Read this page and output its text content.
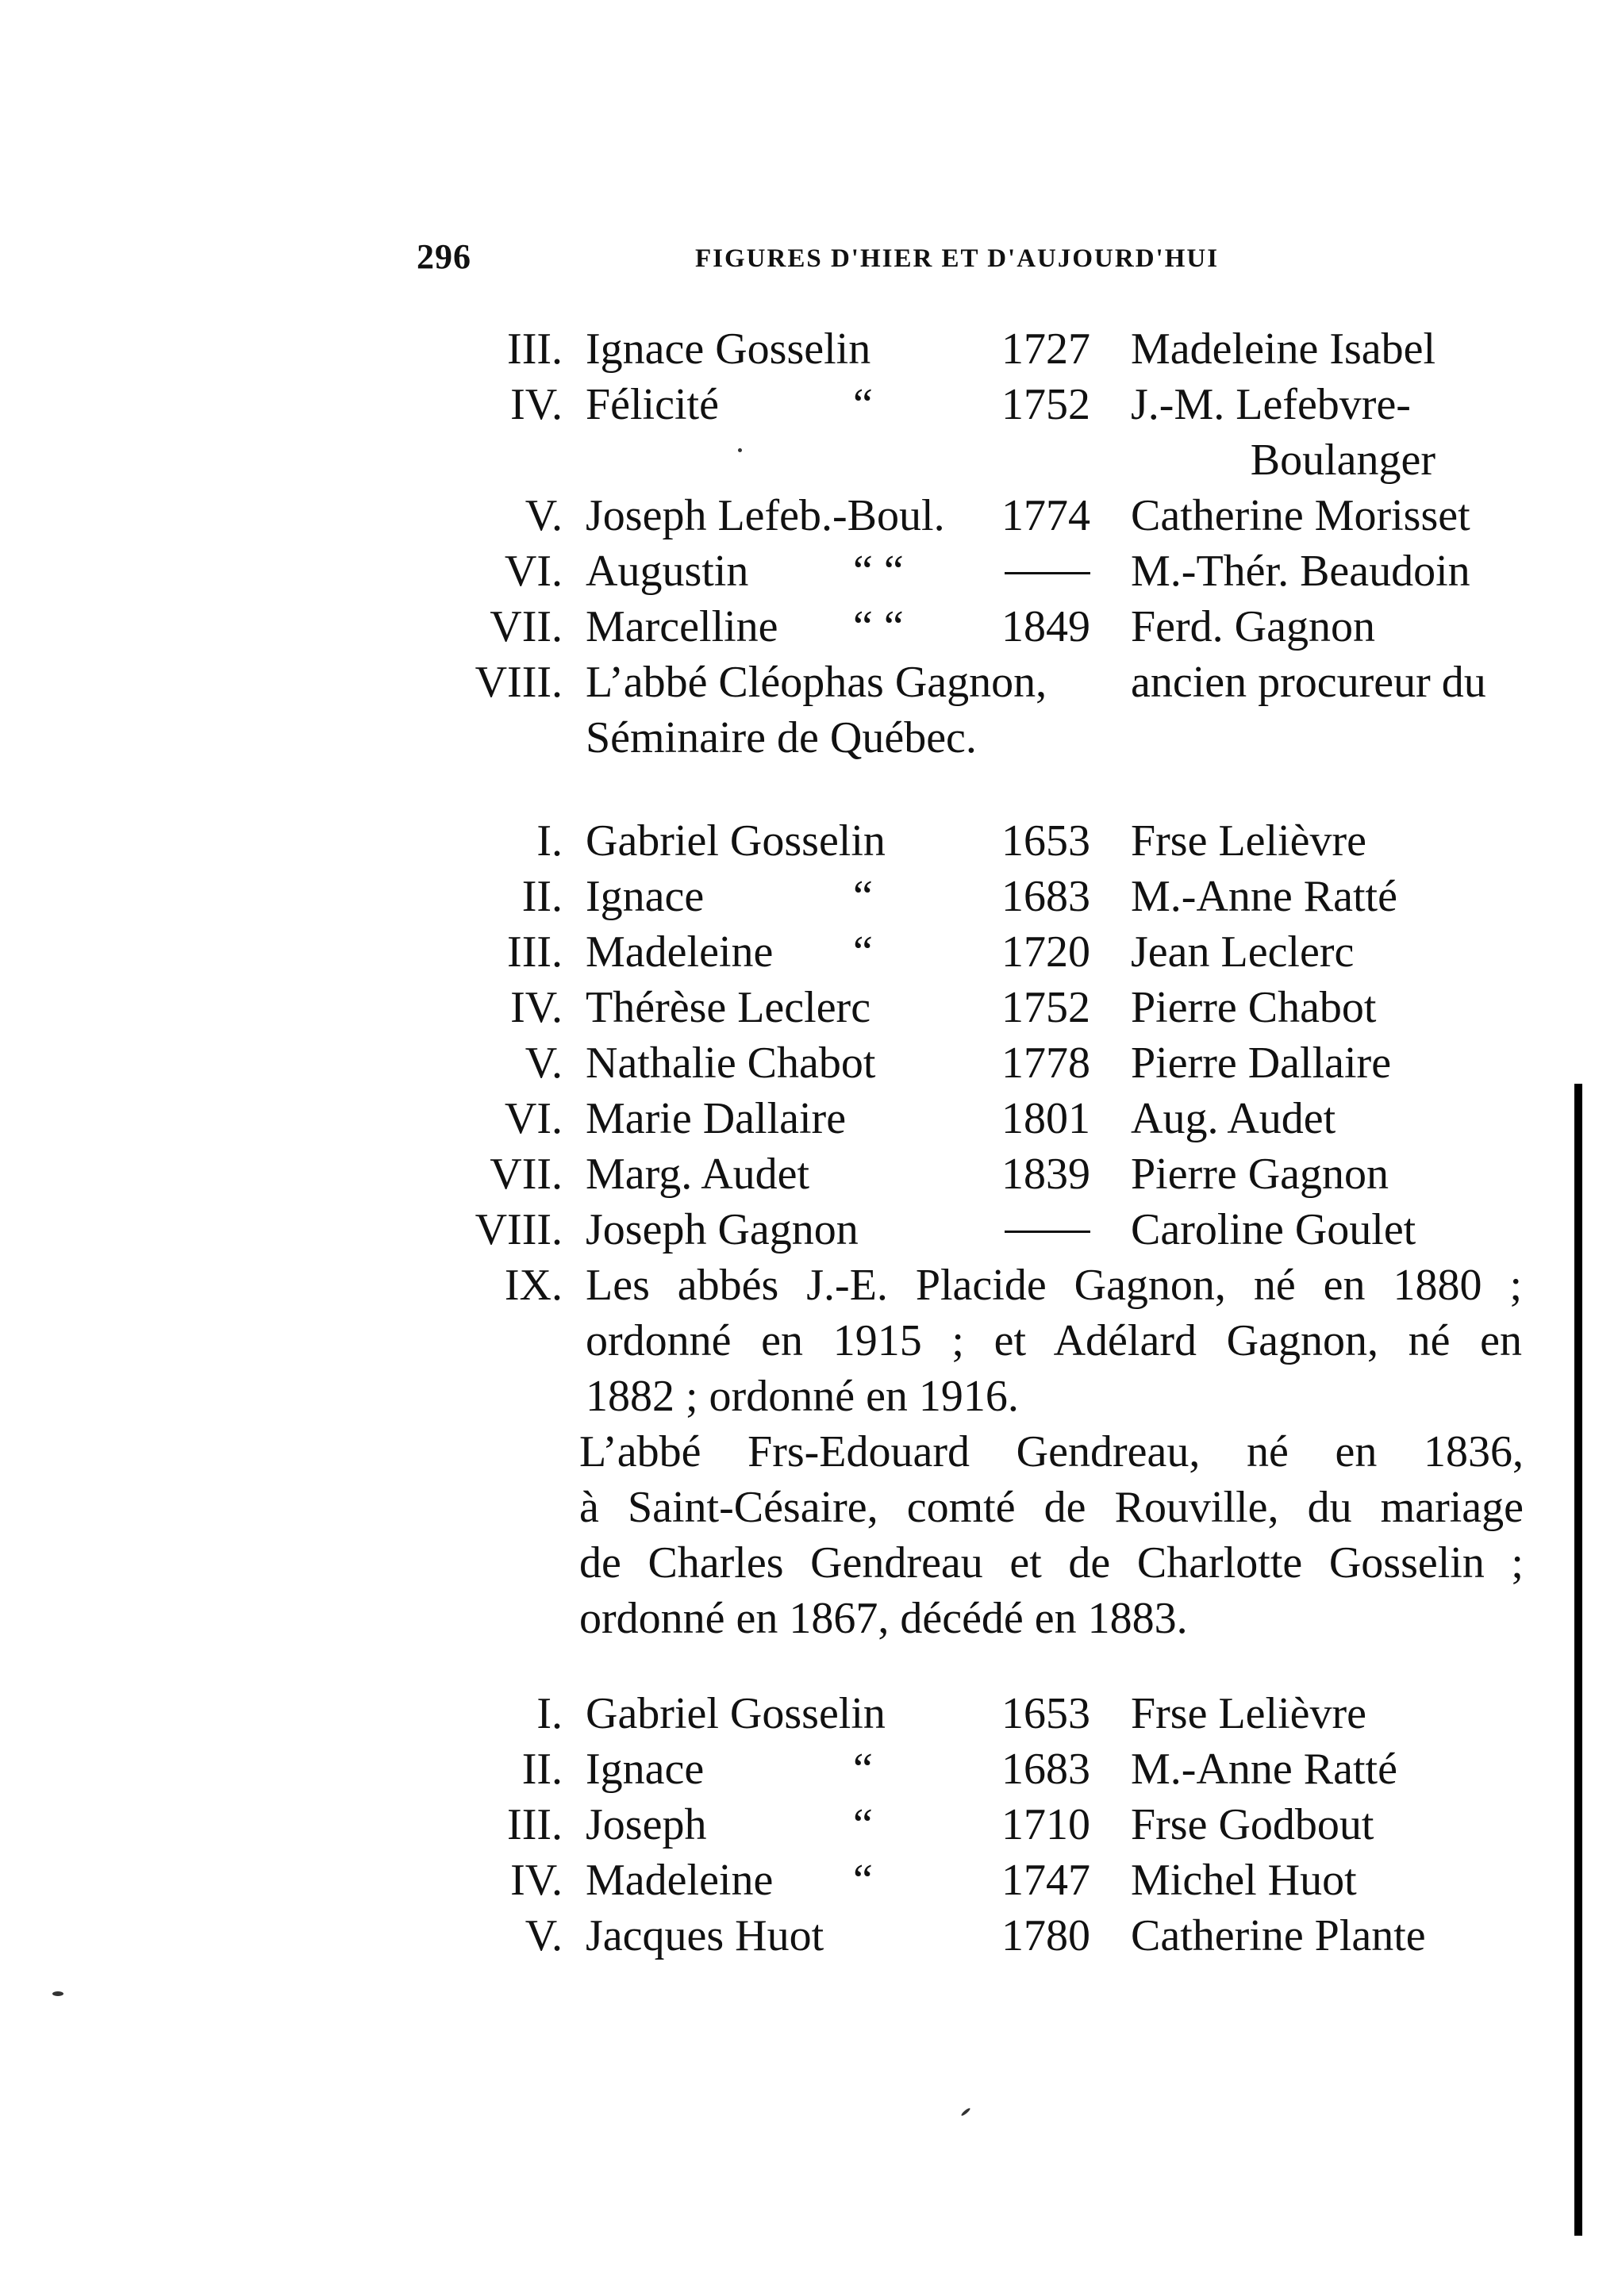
296	FIGURES D'HIER ET D'AUJOURD'HUI
III. Ignace Gosselin	1727 Madeleine Isabel
IV. Félicité	“	1752 J.-M. Lefebvre-
Boulanger
V. Joseph Lefeb.-Boul. 1774 Catherine Morisset
VI. Augustin “ “	M.-Thér. Beaudoin
VII. Marcelline “ “ 1849 Ferd. Gagnon
VIII. L’abbé Cléophas Gagnon, ancien procureur du
Séminaire de Québec.
I. Gabriel Gosselin	1653 Frse Lelièvre
II. Ignace	“	1683 M.-Anne Ratté
III. Madeleine “	1720 Jean Leclerc
IV. Thérèse Leclerc	1752 Pierre Chabot
V. Nathalie Chabot	1778 Pierre Dallaire
VI. Marie Dallaire	1801 Aug. Audet
VII. Marg. Audet	1839 Pierre Gagnon
VIII. Joseph Gagnon	Caroline Goulet
IX. Les abbés J.-E. Placide Gagnon, né en 1880 ;
ordonné en 1915 ; et Adélard Gagnon, né en
1882 ; ordonné en 1916.
L’abbé Frs-Edouard Gendreau, né en 1836,
à Saint-Césaire, comté de Rouville, du mariage
de Charles Gendreau et de Charlotte Gosselin ;
ordonné en 1867, décédé en 1883.
I. Gabriel Gosselin	1653 Frse Lelièvre
II. Ignace	“	1683 M.-Anne Ratté
III. Joseph	“	1710 Frse Godbout
IV. Madeleine “	1747 Michel Huot
V. Jacques Huot	1780 Catherine Plante
